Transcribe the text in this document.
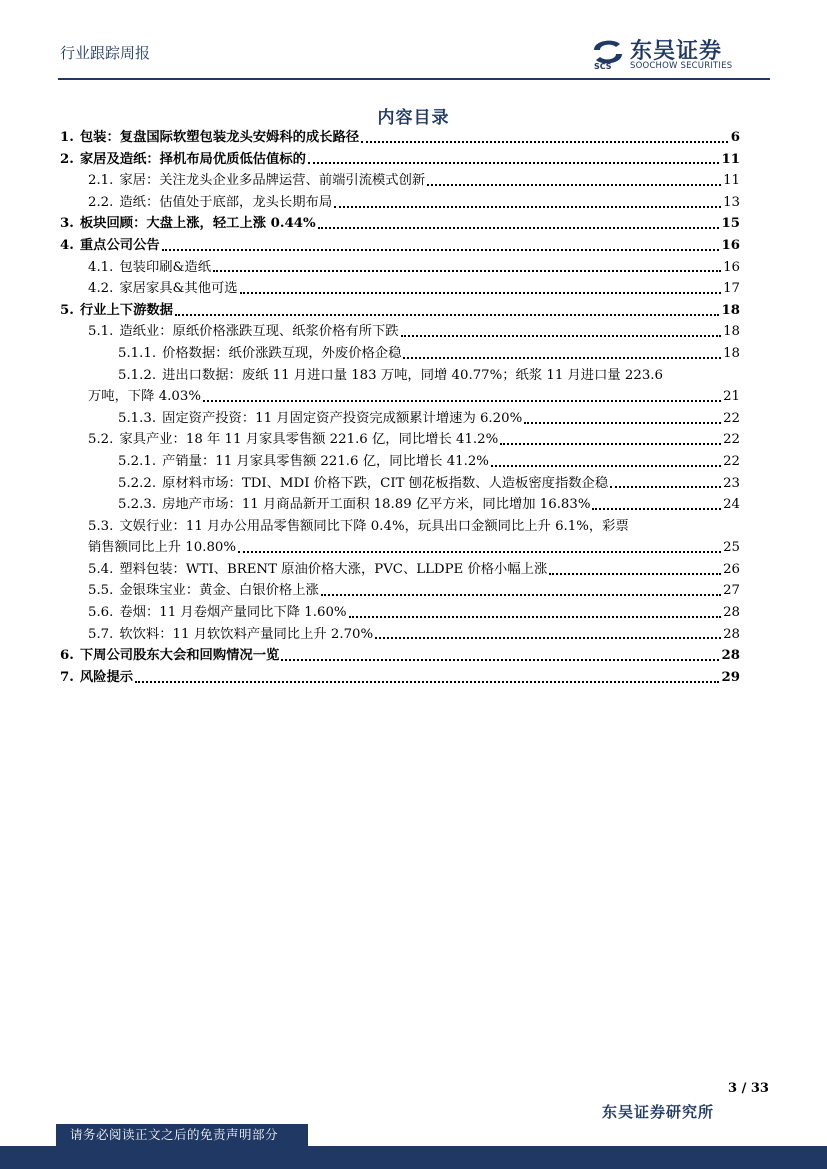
行业跟踪周报
SCS
东吴证券
SOOCHOW SECURITIES
内容目录
1. 包装：复盘国际软塑包装龙头安姆科的成长路径	6
2. 家居及造纸：择机布局优质低估值标的	11
2.1. 家居：关注龙头企业多品牌运营、前端引流模式创新	11
2.2. 造纸：估值处于底部，龙头长期布局	13
3. 板块回顾：大盘上涨，轻工上涨 0.44%	15
4. 重点公司公告	16
4.1. 包装印刷&造纸	16
4.2. 家居家具&其他可选	17
5. 行业上下游数据	18
5.1. 造纸业：原纸价格涨跌互现、纸浆价格有所下跌	18
5.1.1. 价格数据：纸价涨跌互现，外废价格企稳	18
5.1.2. 进出口数据：废纸 11 月进口量 183 万吨，同增 40.77%；纸浆 11 月进口量 223.6
万吨，下降 4.03%	21
5.1.3. 固定资产投资：11 月固定资产投资完成额累计增速为 6.20%	22
5.2. 家具产业：18 年 11 月家具零售额 221.6 亿，同比增长 41.2%	22
5.2.1. 产销量：11 月家具零售额 221.6 亿，同比增长 41.2%	22
5.2.2. 原材料市场：TDI、MDI 价格下跌，CIT 刨花板指数、人造板密度指数企稳	23
5.2.3. 房地产市场：11 月商品新开工面积 18.89 亿平方米，同比增加 16.83%	24
5.3. 文娱行业：11 月办公用品零售额同比下降 0.4%，玩具出口金额同比上升 6.1%，彩票
销售额同比上升 10.80%	25
5.4. 塑料包装：WTI、BRENT 原油价格大涨，PVC、LLDPE 价格小幅上涨	26
5.5. 金银珠宝业：黄金、白银价格上涨	27
5.6. 卷烟：11 月卷烟产量同比下降 1.60%	28
5.7. 软饮料：11 月软饮料产量同比上升 2.70%	28
6. 下周公司股东大会和回购情况一览	28
7. 风险提示	29
3 / 33
东吴证券研究所
请务必阅读正文之后的免责声明部分
